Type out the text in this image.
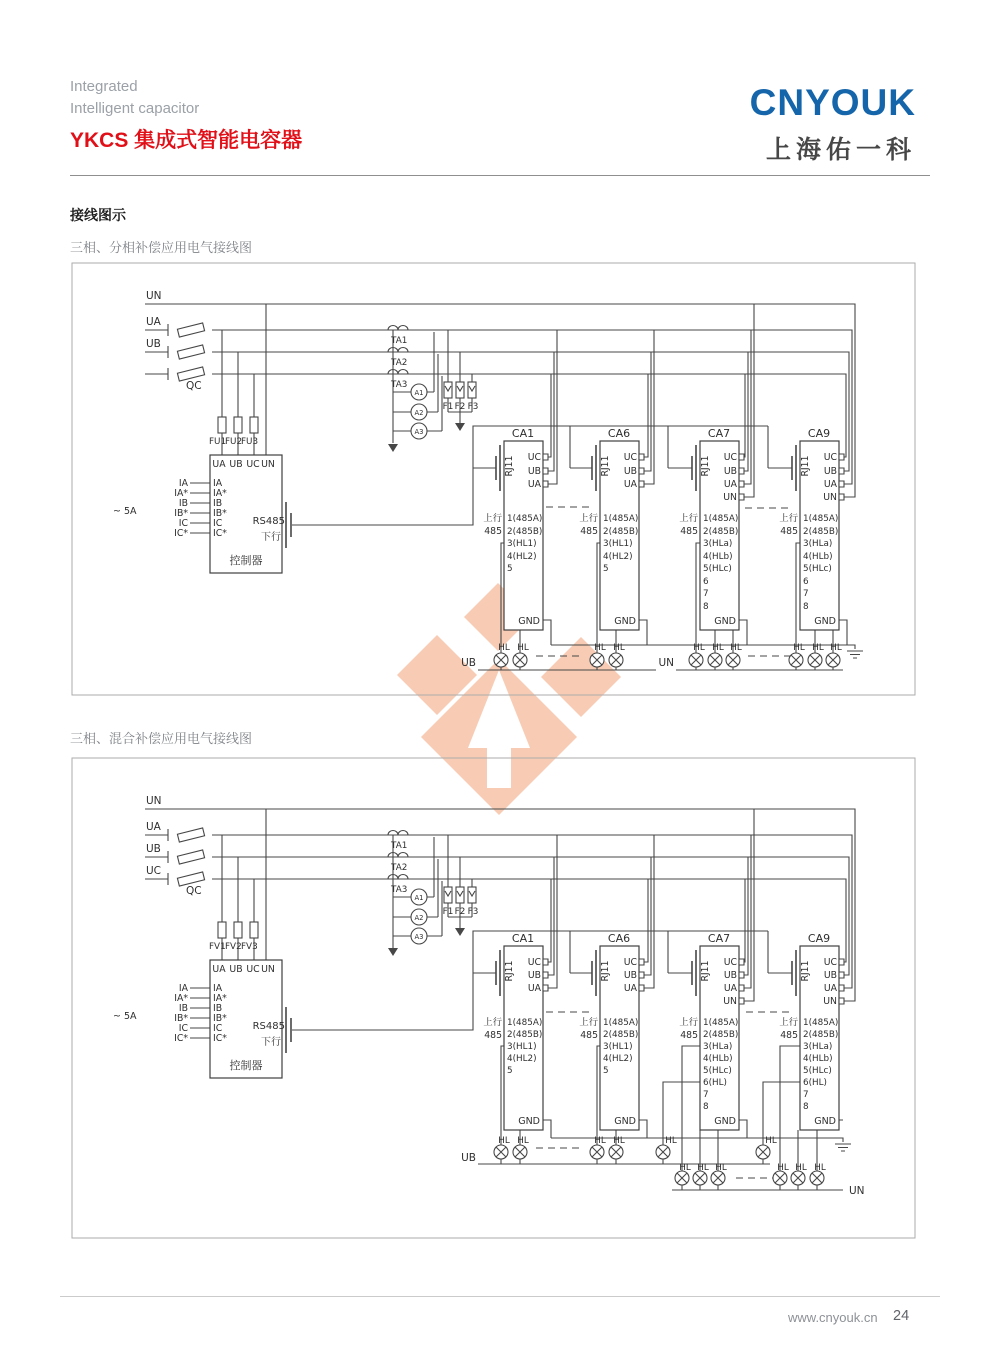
Integrated
Intelligent capacitor
YKCS 集成式智能电容器
CNYOUK
上海佑一科
接线图示
三相、分相补偿应用电气接线图
三相、混合补偿应用电气接线图
UN
UA
UB
QC
FU1
FU2
FU3
TA1
TA2
TA3
A1
A2
A3
F1 F2 F3
UA UB UC UN
IA
IA*
IB
IB*
IC
IC*
IA
IA*
IB
IB*
IC
IC*
~ 5A
RS485
下行
控制器
CA1
RJ11 UC
UB
UA
上行
485
1(485A)
2(485B)
3(HL1)
4(HL2)
5
GND
HL HL
CA6
RJ11 UC
UB
UA
上行
485
1(485A)
2(485B)
3(HL1)
4(HL2)
5
GND
HL HL
CA7
RJ11 UC
UB
UA
UN
上行
485
1(485A)
2(485B)
3(HLa)
4(HLb)
5(HLc)
6
7
8
GND
HL HL HL
CA9
RJ11 UC
UB
UA
UN
上行
485
1(485A)
2(485B)
3(HLa)
4(HLb)
5(HLc)
6
7
8
GND
HL HL HL
UB	UN
UN
UA
UB
UC
QC
FV1 FV2 FV3
TA1
TA2
TA3
A1
A2
A3
F1 F2 F3
UA UB UC UN
IA
IA*
IB
IB*
IC
IC*
IA
IA*
IB
IB*
IC
IC*
~ 5A
RS485
下行
控制器
CA1
RJ11 UC
UB
UA
上行
485
1(485A)
2(485B)
3(HL1)
4(HL2)
5
GND
HL HL
CA6
RJ11 UC
UB
UA
上行
485
1(485A)
2(485B)
3(HL1)
4(HL2)
5
GND
HL HL
CA7
RJ11 UC
UB
UA
UN
上行
485
1(485A)
2(485B)
3(HLa)
4(HLb)
5(HLc)
6(HL)
7
8
GND
HL
HL HL HL
CA9
RJ11 UC
UB
UA
UN
上行
485
1(485A)
2(485B)
3(HLa)
4(HLb)
5(HLc)
6(HL)
7
8
GND
HL
HL HL HL
UB
UN
www.cnyouk.cn 24
